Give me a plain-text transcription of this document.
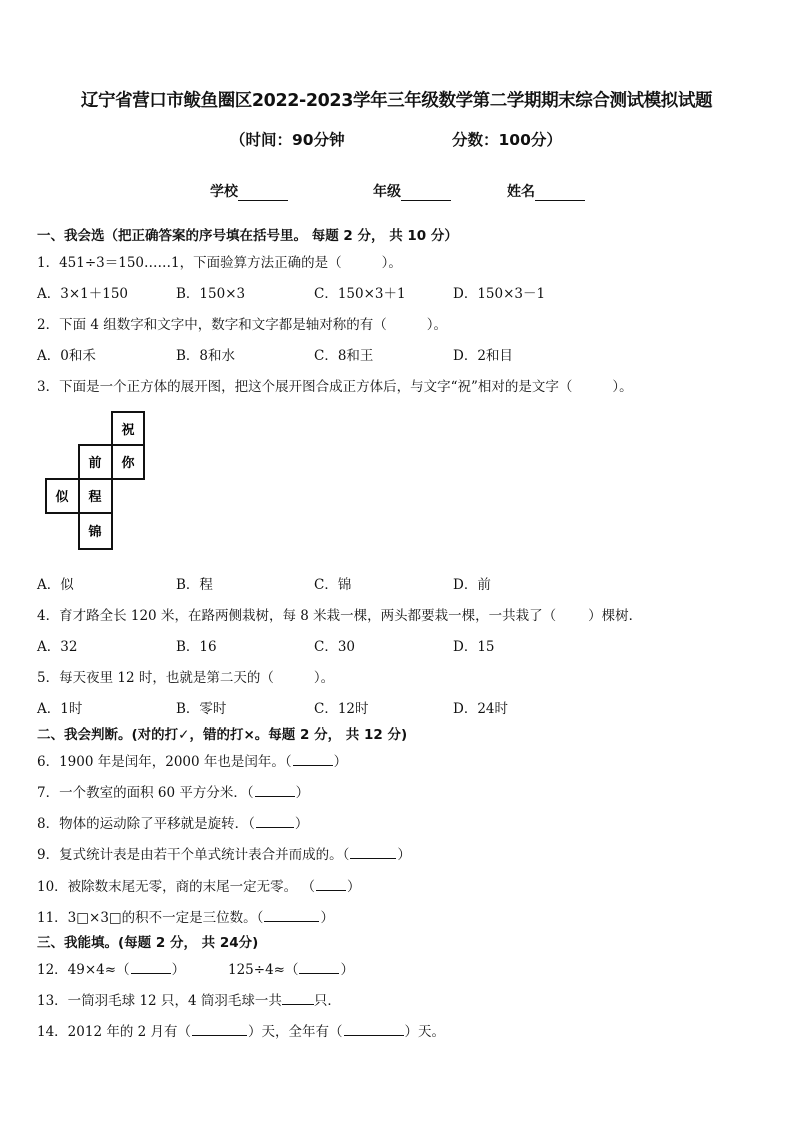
辽宁省营口市鲅鱼圈区2022-2023学年三年级数学第二学期期末综合测试模拟试题
（时间：90分钟	分数：100分）
学校	年级	姓名
一、我会选（把正确答案的序号填在括号里。 每题 2 分， 共 10 分）
1．451÷3＝150……1，下面验算方法正确的是（	）。
A．3×1＋150	B．150×3	C．150×3＋1	D．150×3－1
2．下面 4 组数字和文字中，数字和文字都是轴对称的有（	）。
A．0和禾	B．8和水	C．8和王	D．2和目
3．下面是一个正方体的展开图，把这个展开图合成正方体后，与文字“祝”相对的是文字（	）。
祝
前 你
似 程
锦
A．似	B．程	C．锦	D．前
4．育才路全长 120 米，在路两侧栽树，每 8 米栽一棵，两头都要栽一棵，一共栽了（ ）棵树．
A．32	B．16	C．30	D．15
5．每天夜里 12 时，也就是第二天的（	）。
A．1时	B．零时	C．12时	D．24时
二、我会判断。(对的打✓，错的打×。每题 2 分， 共 12 分)
6．1900 年是闰年，2000 年也是闰年。（	）
7．一个教室的面积 60 平方分米．（	）
8．物体的运动除了平移就是旋转．（	）
9．复式统计表是由若干个单式统计表合并而成的。（	）
10．被除数末尾无零，商的末尾一定无零。 （ ）
11．3□×3□的积不一定是三位数。（	）
三、我能填。(每题 2 分， 共 24分)
12．49×4≈（	）	125÷4≈（	）
13．一筒羽毛球 12 只，4 筒羽毛球一共 只．
14．2012 年的 2 月有（	）天，全年有（	）天。
